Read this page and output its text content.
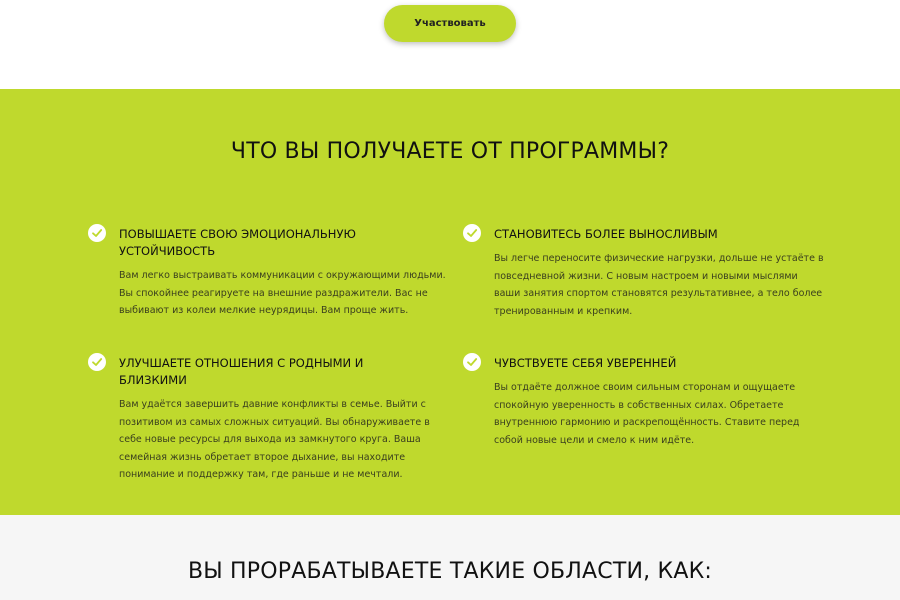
Участвовать
ЧТО ВЫ ПОЛУЧАЕТЕ ОТ ПРОГРАММЫ?
ПОВЫШАЕТЕ СВОЮ ЭМОЦИОНАЛЬНУЮ УСТОЙЧИВОСТЬ

Вам легко выстраивать коммуникации с окружающими людьми. Вы спокойнее реагируете на внешние раздражители. Вас не выбивают из колеи мелкие неурядицы. Вам проще жить.

СТАНОВИТЕСЬ БОЛЕЕ ВЫНОСЛИВЫМ

Вы легче переносите физические нагрузки, дольше не устаёте в повседневной жизни. С новым настроем и новыми мыслями ваши занятия спортом становятся результативнее, а тело более тренированным и крепким.

УЛУЧШАЕТЕ ОТНОШЕНИЯ С РОДНЫМИ И БЛИЗКИМИ

Вам удаётся завершить давние конфликты в семье. Выйти с позитивом из самых сложных ситуаций. Вы обнаруживаете в себе новые ресурсы для выхода из замкнутого круга. Ваша семейная жизнь обретает второе дыхание, вы находите понимание и поддержку там, где раньше и не мечтали.

ЧУВСТВУЕТЕ СЕБЯ УВЕРЕННЕЙ

Вы отдаёте должное своим сильным сторонам и ощущаете спокойную уверенность в собственных силах. Обретаете внутреннюю гармонию и раскрепощённость. Ставите перед собой новые цели и смело к ним идёте.

ВЫ ПРОРАБАТЫВАЕТЕ ТАКИЕ ОБЛАСТИ, КАК:
